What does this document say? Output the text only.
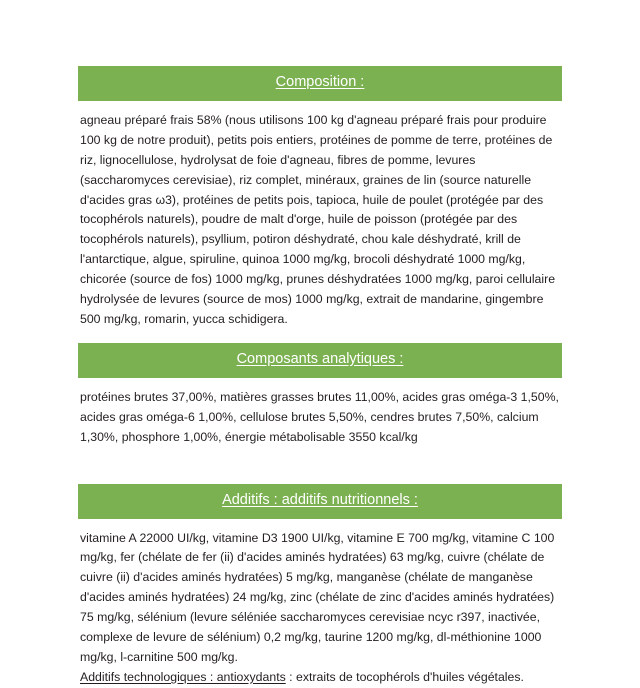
Composition :
agneau préparé frais 58% (nous utilisons 100 kg d'agneau préparé frais pour produire 100 kg de notre produit), petits pois entiers, protéines de pomme de terre, protéines de riz, lignocellulose, hydrolysat de foie d'agneau, fibres de pomme, levures (saccharomyces cerevisiae), riz complet, minéraux, graines de lin (source naturelle d'acides gras ω3), protéines de petits pois, tapioca, huile de poulet (protégée par des tocophérols naturels), poudre de malt d'orge, huile de poisson (protégée par des tocophérols naturels), psyllium, potiron déshydraté, chou kale déshydraté, krill de l'antarctique, algue, spiruline, quinoa 1000 mg/kg, brocoli déshydraté 1000 mg/kg, chicorée (source de fos) 1000 mg/kg, prunes déshydratées 1000 mg/kg, paroi cellulaire hydrolysée de levures (source de mos) 1000 mg/kg, extrait de mandarine, gingembre 500 mg/kg, romarin, yucca schidigera.
Composants analytiques :
protéines brutes 37,00%, matières grasses brutes 11,00%, acides gras oméga-3 1,50%, acides gras oméga-6 1,00%, cellulose brutes 5,50%, cendres brutes 7,50%, calcium 1,30%, phosphore 1,00%, énergie métabolisable 3550 kcal/kg
Additifs : additifs nutritionnels :
vitamine A 22000 UI/kg, vitamine D3 1900 UI/kg, vitamine E 700 mg/kg, vitamine C 100 mg/kg, fer (chélate de fer (ii) d'acides aminés hydratées) 63 mg/kg, cuivre (chélate de cuivre (ii) d'acides aminés hydratées) 5 mg/kg, manganèse (chélate de manganèse d'acides aminés hydratées) 24 mg/kg, zinc (chélate de zinc d'acides aminés hydratées) 75 mg/kg, sélénium (levure séléniée saccharomyces cerevisiae ncyc r397, inactivée, complexe de levure de sélénium) 0,2 mg/kg, taurine 1200 mg/kg, dl-méthionine 1000 mg/kg, l-carnitine 500 mg/kg.
Additifs technologiques : antioxydants : extraits de tocophérols d'huiles végétales.
